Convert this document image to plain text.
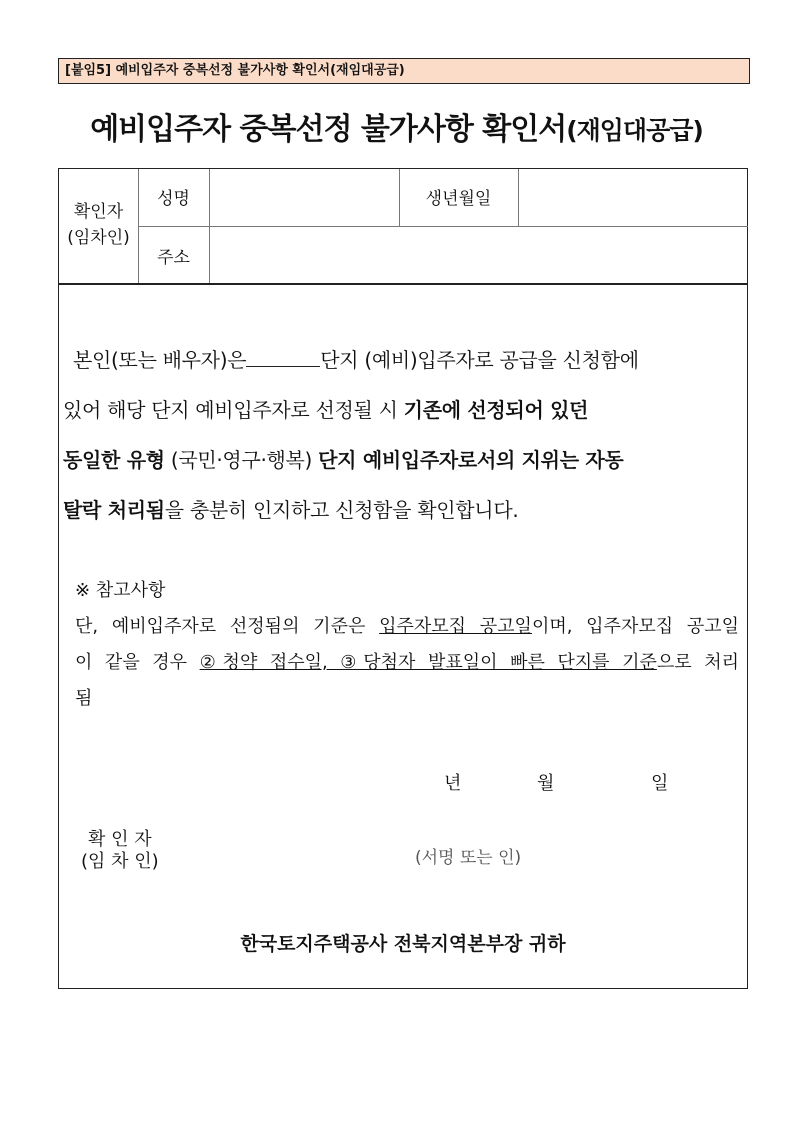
[붙임5] 예비입주자 중복선정 불가사항 확인서(재임대공급)
예비입주자 중복선정 불가사항 확인서(재임대공급)
확인자
(임차인)
성명	생년월일
주소
본인(또는 배우자)은	단지 (예비)입주자로 공급을 신청함에
있어 해당 단지 예비입주자로 선정될 시 기존에 선정되어 있던
동일한 유형 (국민·영구·행복) 단지 예비입주자로서의 지위는 자동
탈락 처리됨을 충분히 인지하고 신청함을 확인합니다.
※ 참고사항
단, 예비입주자로 선정됨의 기준은 입주자모집 공고일이며, 입주자모집 공고일
이 같을 경우 ②청약 접수일, ③당첨자 발표일이 빠른 단지를 기준으로 처리
됨
년	월	일
확 인 자
(임 차 인)	(서명 또는 인)
한국토지주택공사 전북지역본부장 귀하
